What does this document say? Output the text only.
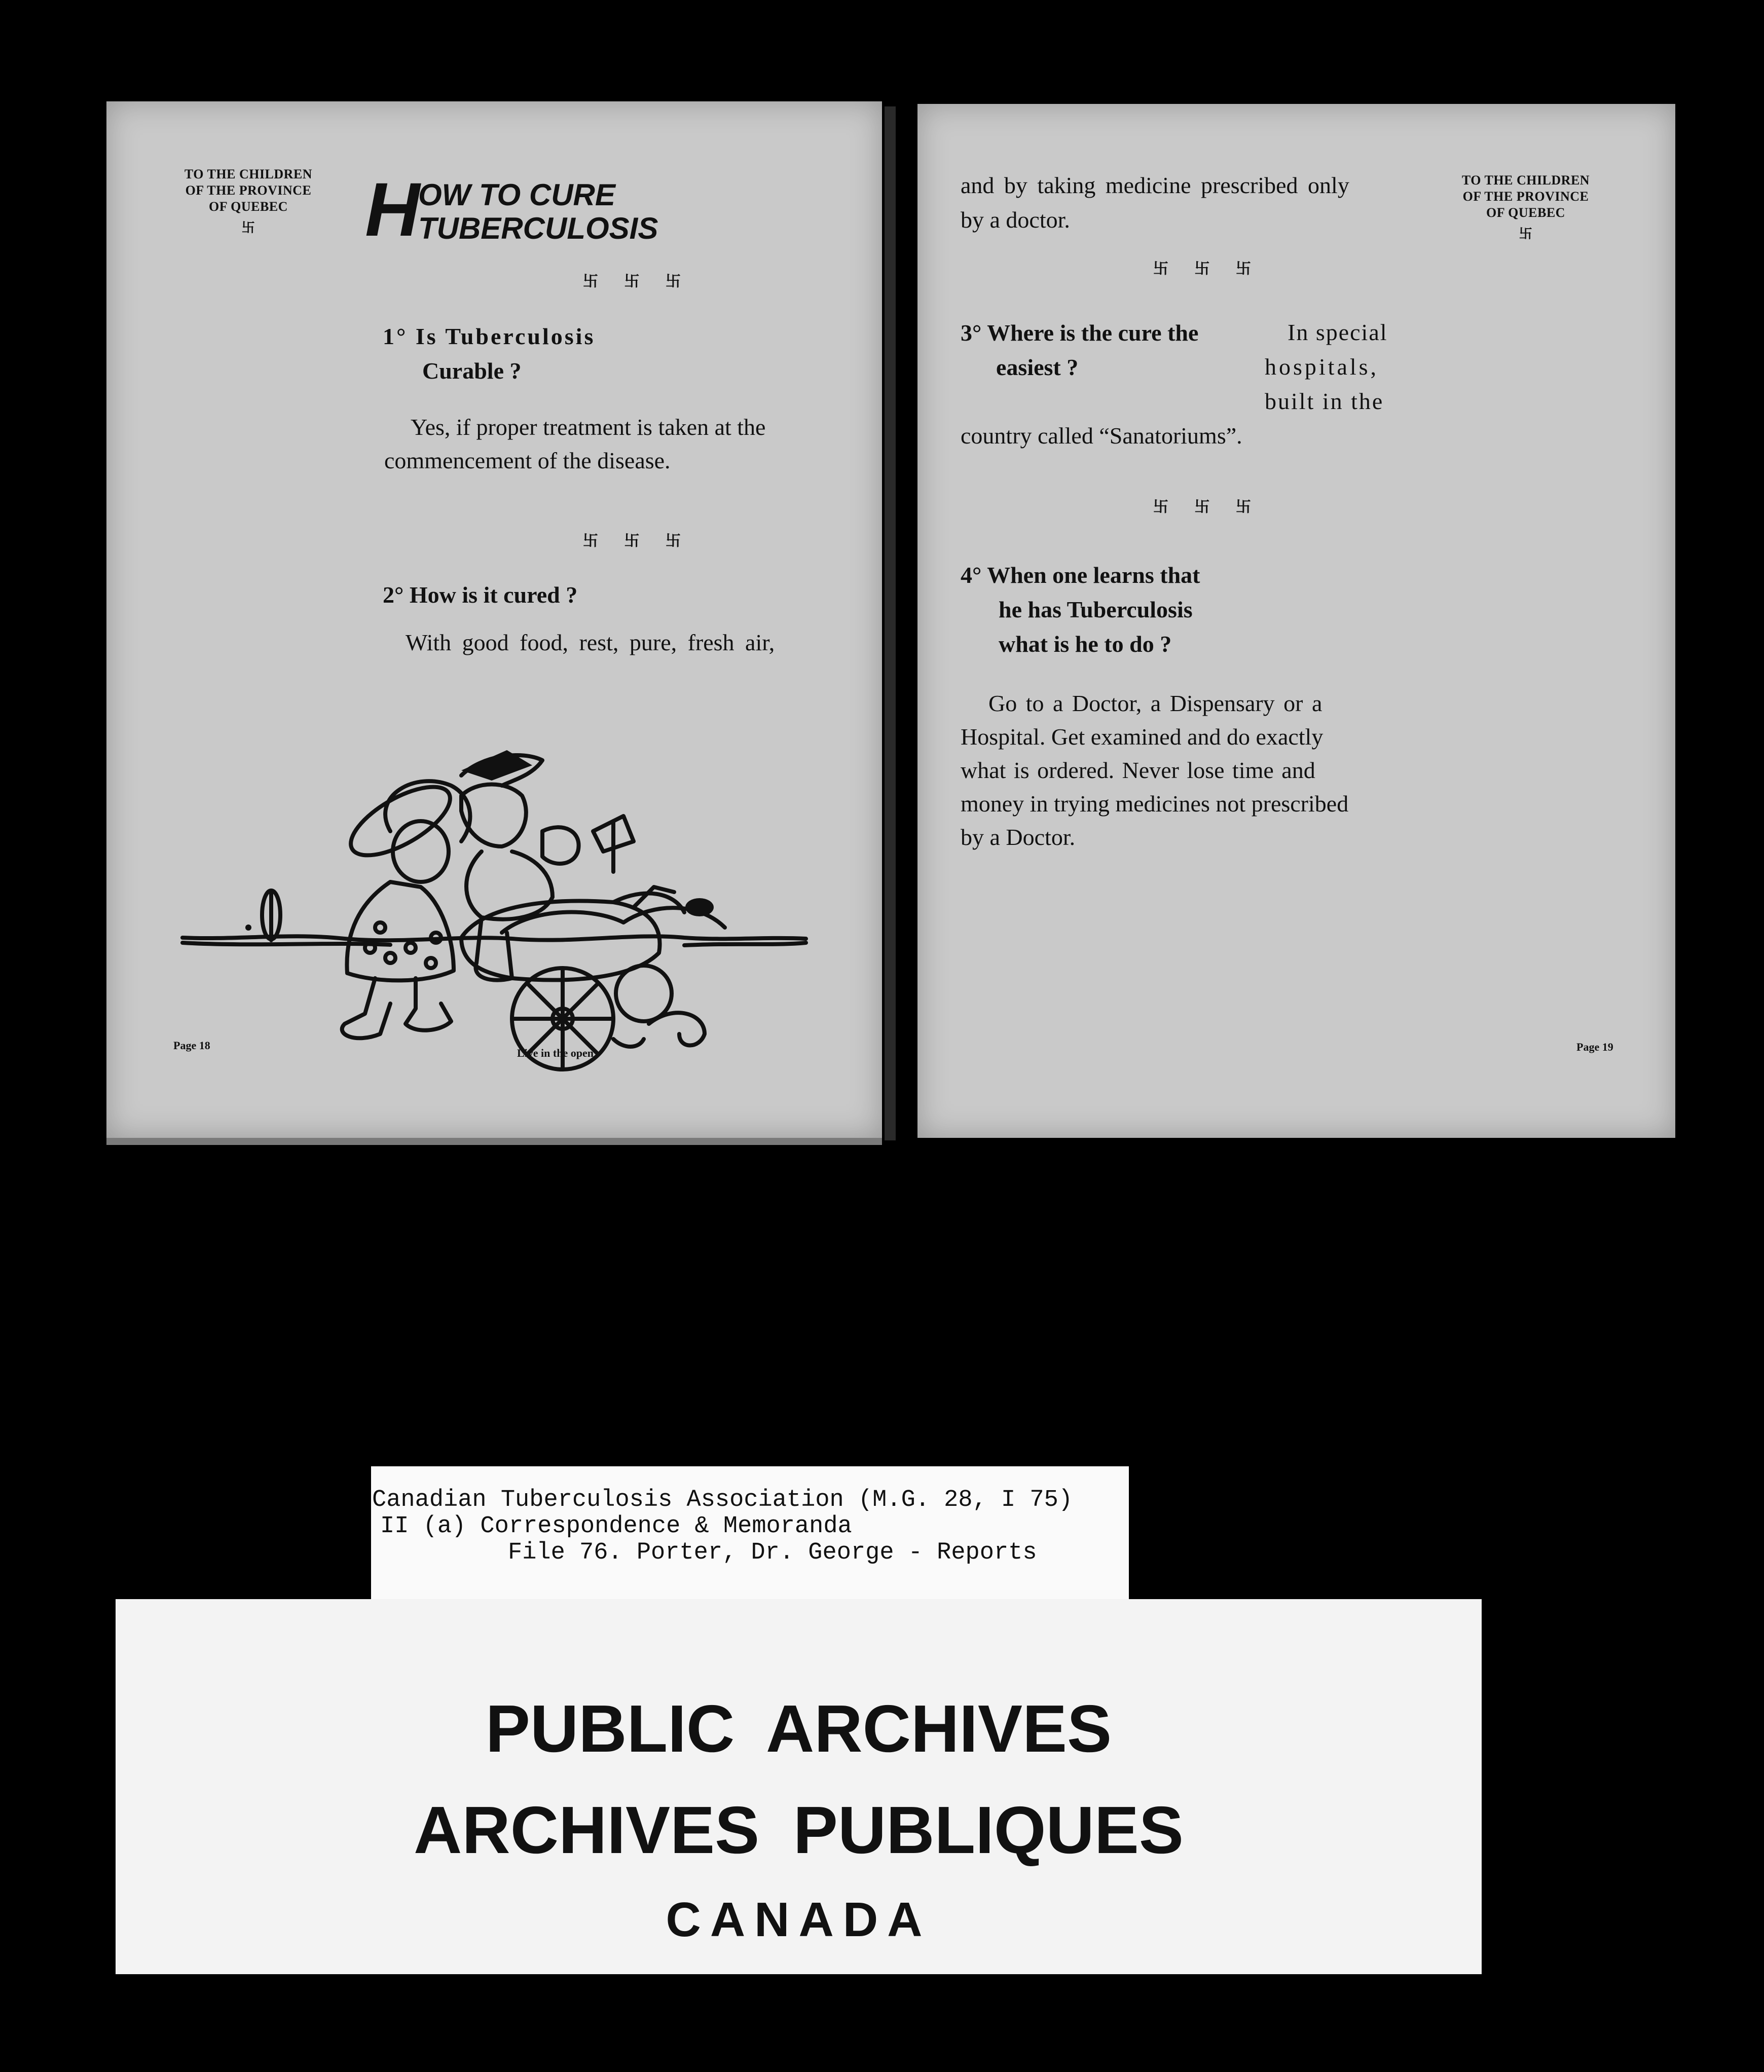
TO THE CHILDREN
OF THE PROVINCE
OF QUEBEC
卐	H
OW TO CURE
TUBERCULOSIS
卐 卐 卐
1° Is Tuberculosis
Curable ?
Yes, if proper treatment is taken at the
commencement of the disease.
卐 卐 卐
2° How is it cured ?
With good food, rest, pure, fresh air,
Page 18
Live in the open
and by taking medicine prescribed only
by a doctor.
TO THE CHILDREN
OF THE PROVINCE
OF QUEBEC
卐
卐 卐 卐
3° Where is the cure the
easiest ?
In special
hospitals,
built in the
country called “Sanatoriums”.
卐 卐 卐
4° When one learns that
he has Tuberculosis
what is he to do ?
Go to a Doctor, a Dispensary or a
Hospital. Get examined and do exactly
what is ordered. Never lose time and
money in trying medicines not prescribed
by a Doctor.
Page 19
Canadian Tuberculosis Association (M.G. 28, I 75)
II (a) Correspondence & Memoranda
File 76. Porter, Dr. George - Reports
PUBLIC ARCHIVES
ARCHIVES PUBLIQUES
CANADA
